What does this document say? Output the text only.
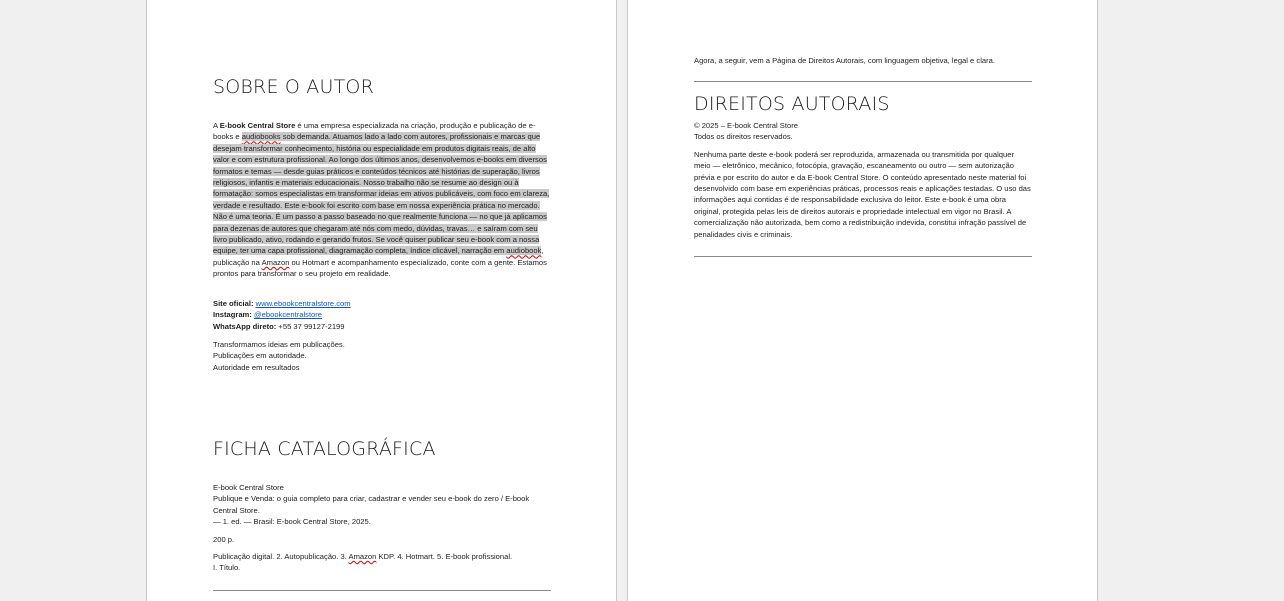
SOBRE O AUTOR

A E-book Central Store é uma empresa especializada na criação, produção e publicação de e-books e audiobooks sob demanda. Atuamos lado a lado com autores, profissionais e marcas que desejam transformar conhecimento, história ou especialidade em produtos digitais reais, de alto valor e com estrutura profissional. Ao longo dos últimos anos, desenvolvemos e-books em diversos formatos e temas — desde guias práticos e conteúdos técnicos até histórias de superação, livros religiosos, infantis e materiais educacionais. Nosso trabalho não se resume ao design ou à formatação: somos especialistas em transformar ideias em ativos publicáveis, com foco em clareza, verdade e resultado. Este e-book foi escrito com base em nossa experiência prática no mercado. Não é uma teoria. É um passo a passo baseado no que realmente funciona — no que já aplicamos para dezenas de autores que chegaram até nós com medo, dúvidas, travas… e saíram com seu livro publicado, ativo, rodando e gerando frutos. Se você quiser publicar seu e-book com a nossa equipe, ter uma capa profissional, diagramação completa, índice clicável, narração em audiobook, publicação na Amazon ou Hotmart e acompanhamento especializado, conte com a gente. Estamos prontos para transformar o seu projeto em realidade.

Site oficial: www.ebookcentralstore.com

Instagram: @ebookcentralstore

WhatsApp direto: +55 37 99127-2199

Transformamos ideias em publicações.

Publicações em autoridade.

Autoridade em resultados

FICHA CATALOGRÁFICA

E-book Central Store

Publique e Venda: o guia completo para criar, cadastrar e vender seu e-book do zero / E-book Central Store.

— 1. ed. — Brasil: E-book Central Store, 2025.

200 p.

Publicação digital. 2. Autopublicação. 3. Amazon KDP. 4. Hotmart. 5. E-book profissional.

I. Título.

Agora, a seguir, vem a Página de Direitos Autorais, com linguagem objetiva, legal e clara.

DIREITOS AUTORAIS

© 2025 – E-book Central Store

Todos os direitos reservados.

Nenhuma parte deste e-book poderá ser reproduzida, armazenada ou transmitida por qualquer meio — eletrônico, mecânico, fotocópia, gravação, escaneamento ou outro — sem autorização prévia e por escrito do autor e da E-book Central Store. O conteúdo apresentado neste material foi desenvolvido com base em experiências práticas, processos reais e aplicações testadas. O uso das informações aqui contidas é de responsabilidade exclusiva do leitor. Este e-book é uma obra original, protegida pelas leis de direitos autorais e propriedade intelectual em vigor no Brasil. A comercialização não autorizada, bem como a redistribuição indevida, constitui infração passível de penalidades civis e criminais.
